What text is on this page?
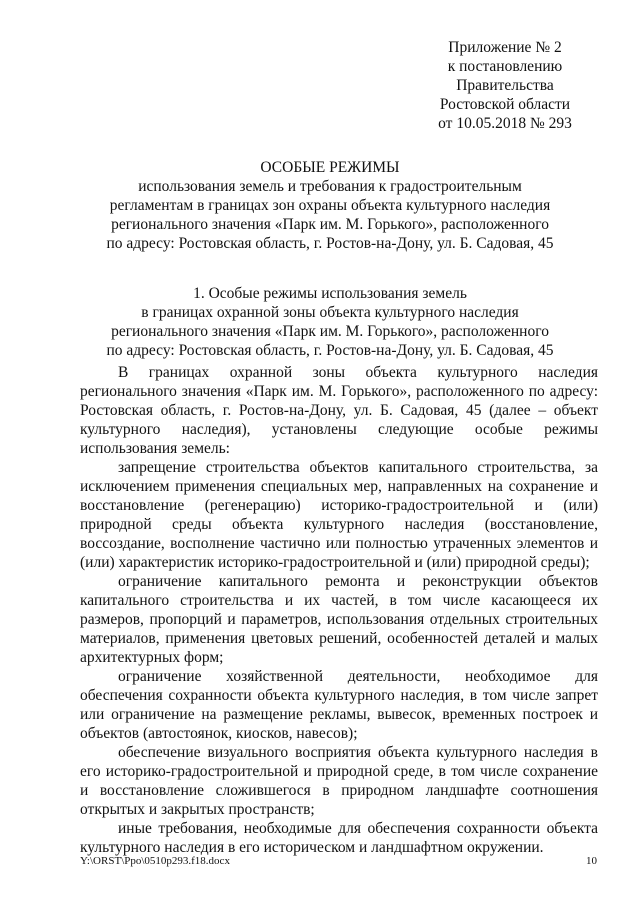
Приложение № 2
к постановлению
Правительства
Ростовской области
от 10.05.2018 № 293
ОСОБЫЕ РЕЖИМЫ
использования земель и требования к градостроительным
регламентам в границах зон охраны объекта культурного наследия
регионального значения «Парк им. М. Горького», расположенного
по адресу: Ростовская область, г. Ростов-на-Дону, ул. Б. Садовая, 45
1. Особые режимы использования земель
в границах охранной зоны объекта культурного наследия
регионального значения «Парк им. М. Горького», расположенного
по адресу: Ростовская область, г. Ростов-на-Дону, ул. Б. Садовая, 45

В границах охранной зоны объекта культурного наследия регионального значения «Парк им. М. Горького», расположенного по адресу: Ростовская область, г. Ростов-на-Дону, ул. Б. Садовая, 45 (далее – объект культурного наследия), установлены следующие особые режимы использования земель:

запрещение строительства объектов капитального строительства, за исключением применения специальных мер, направленных на сохранение и восстановление (регенерацию) историко-градостроительной и (или) природной среды объекта культурного наследия (восстановление, воссоздание, восполнение частично или полностью утраченных элементов и (или) характеристик историко-градостроительной и (или) природной среды);

ограничение капитального ремонта и реконструкции объектов капитального строительства и их частей, в том числе касающееся их размеров, пропорций и параметров, использования отдельных строительных материалов, применения цветовых решений, особенностей деталей и малых архитектурных форм;

ограничение хозяйственной деятельности, необходимое для обеспечения сохранности объекта культурного наследия, в том числе запрет или ограничение на размещение рекламы, вывесок, временных построек и объектов (автостоянок, киосков, навесов);

обеспечение визуального восприятия объекта культурного наследия в его историко-градостроительной и природной среде, в том числе сохранение и восстановление сложившегося в природном ландшафте соотношения открытых и закрытых пространств;

иные требования, необходимые для обеспечения сохранности объекта культурного наследия в его историческом и ландшафтном окружении.

Y:\ORST\Ppo\0510p293.f18.docx	10
